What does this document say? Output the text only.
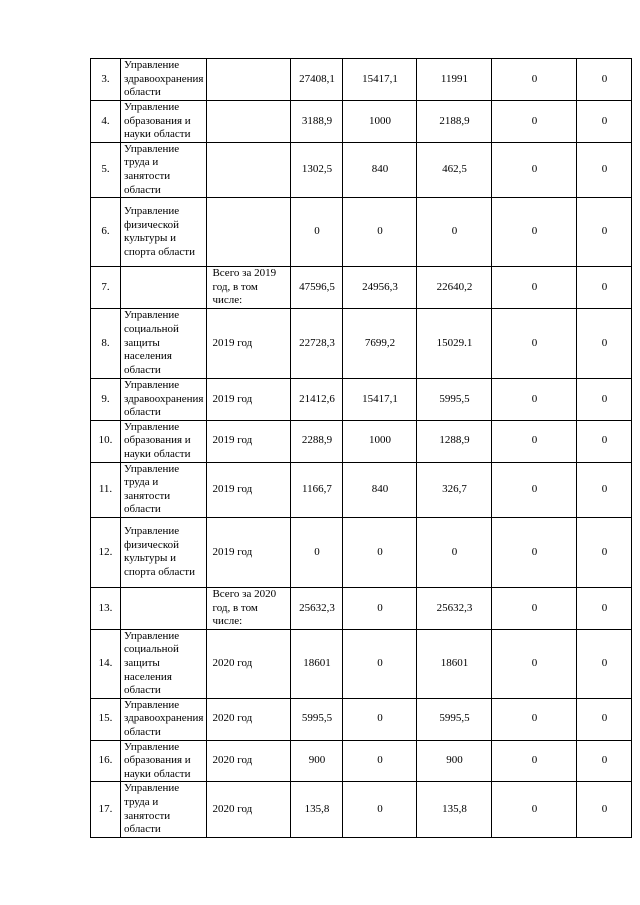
3.	Управление здравоохранения области		27408,1	15417,1	11991	0	0
4.	Управление образования и науки области		3188,9	1000	2188,9	0	0
5.	Управление труда и занятости области		1302,5	840	462,5	0	0
6.	Управление физической культуры и спорта области		0	0	0	0	0
7.		Всего за 2019 год, в том числе:	47596,5	24956,3	22640,2	0	0
8.	Управление социальной защиты населения области	2019 год	22728,3	7699,2	15029.1	0	0
9.	Управление здравоохранения области	2019 год	21412,6	15417,1	5995,5	0	0
10.	Управление образования и науки области	2019 год	2288,9	1000	1288,9	0	0
11.	Управление труда и занятости области	2019 год	1166,7	840	326,7	0	0
12.	Управление физической культуры и спорта области	2019 год	0	0	0	0	0
13.		Всего за 2020 год, в том числе:	25632,3	0	25632,3	0	0
14.	Управление социальной защиты населения области	2020 год	18601	0	18601	0	0
15.	Управление здравоохранения области	2020 год	5995,5	0	5995,5	0	0
16.	Управление образования и науки области	2020 год	900	0	900	0	0
17.	Управление труда и занятости области	2020 год	135,8	0	135,8	0	0
